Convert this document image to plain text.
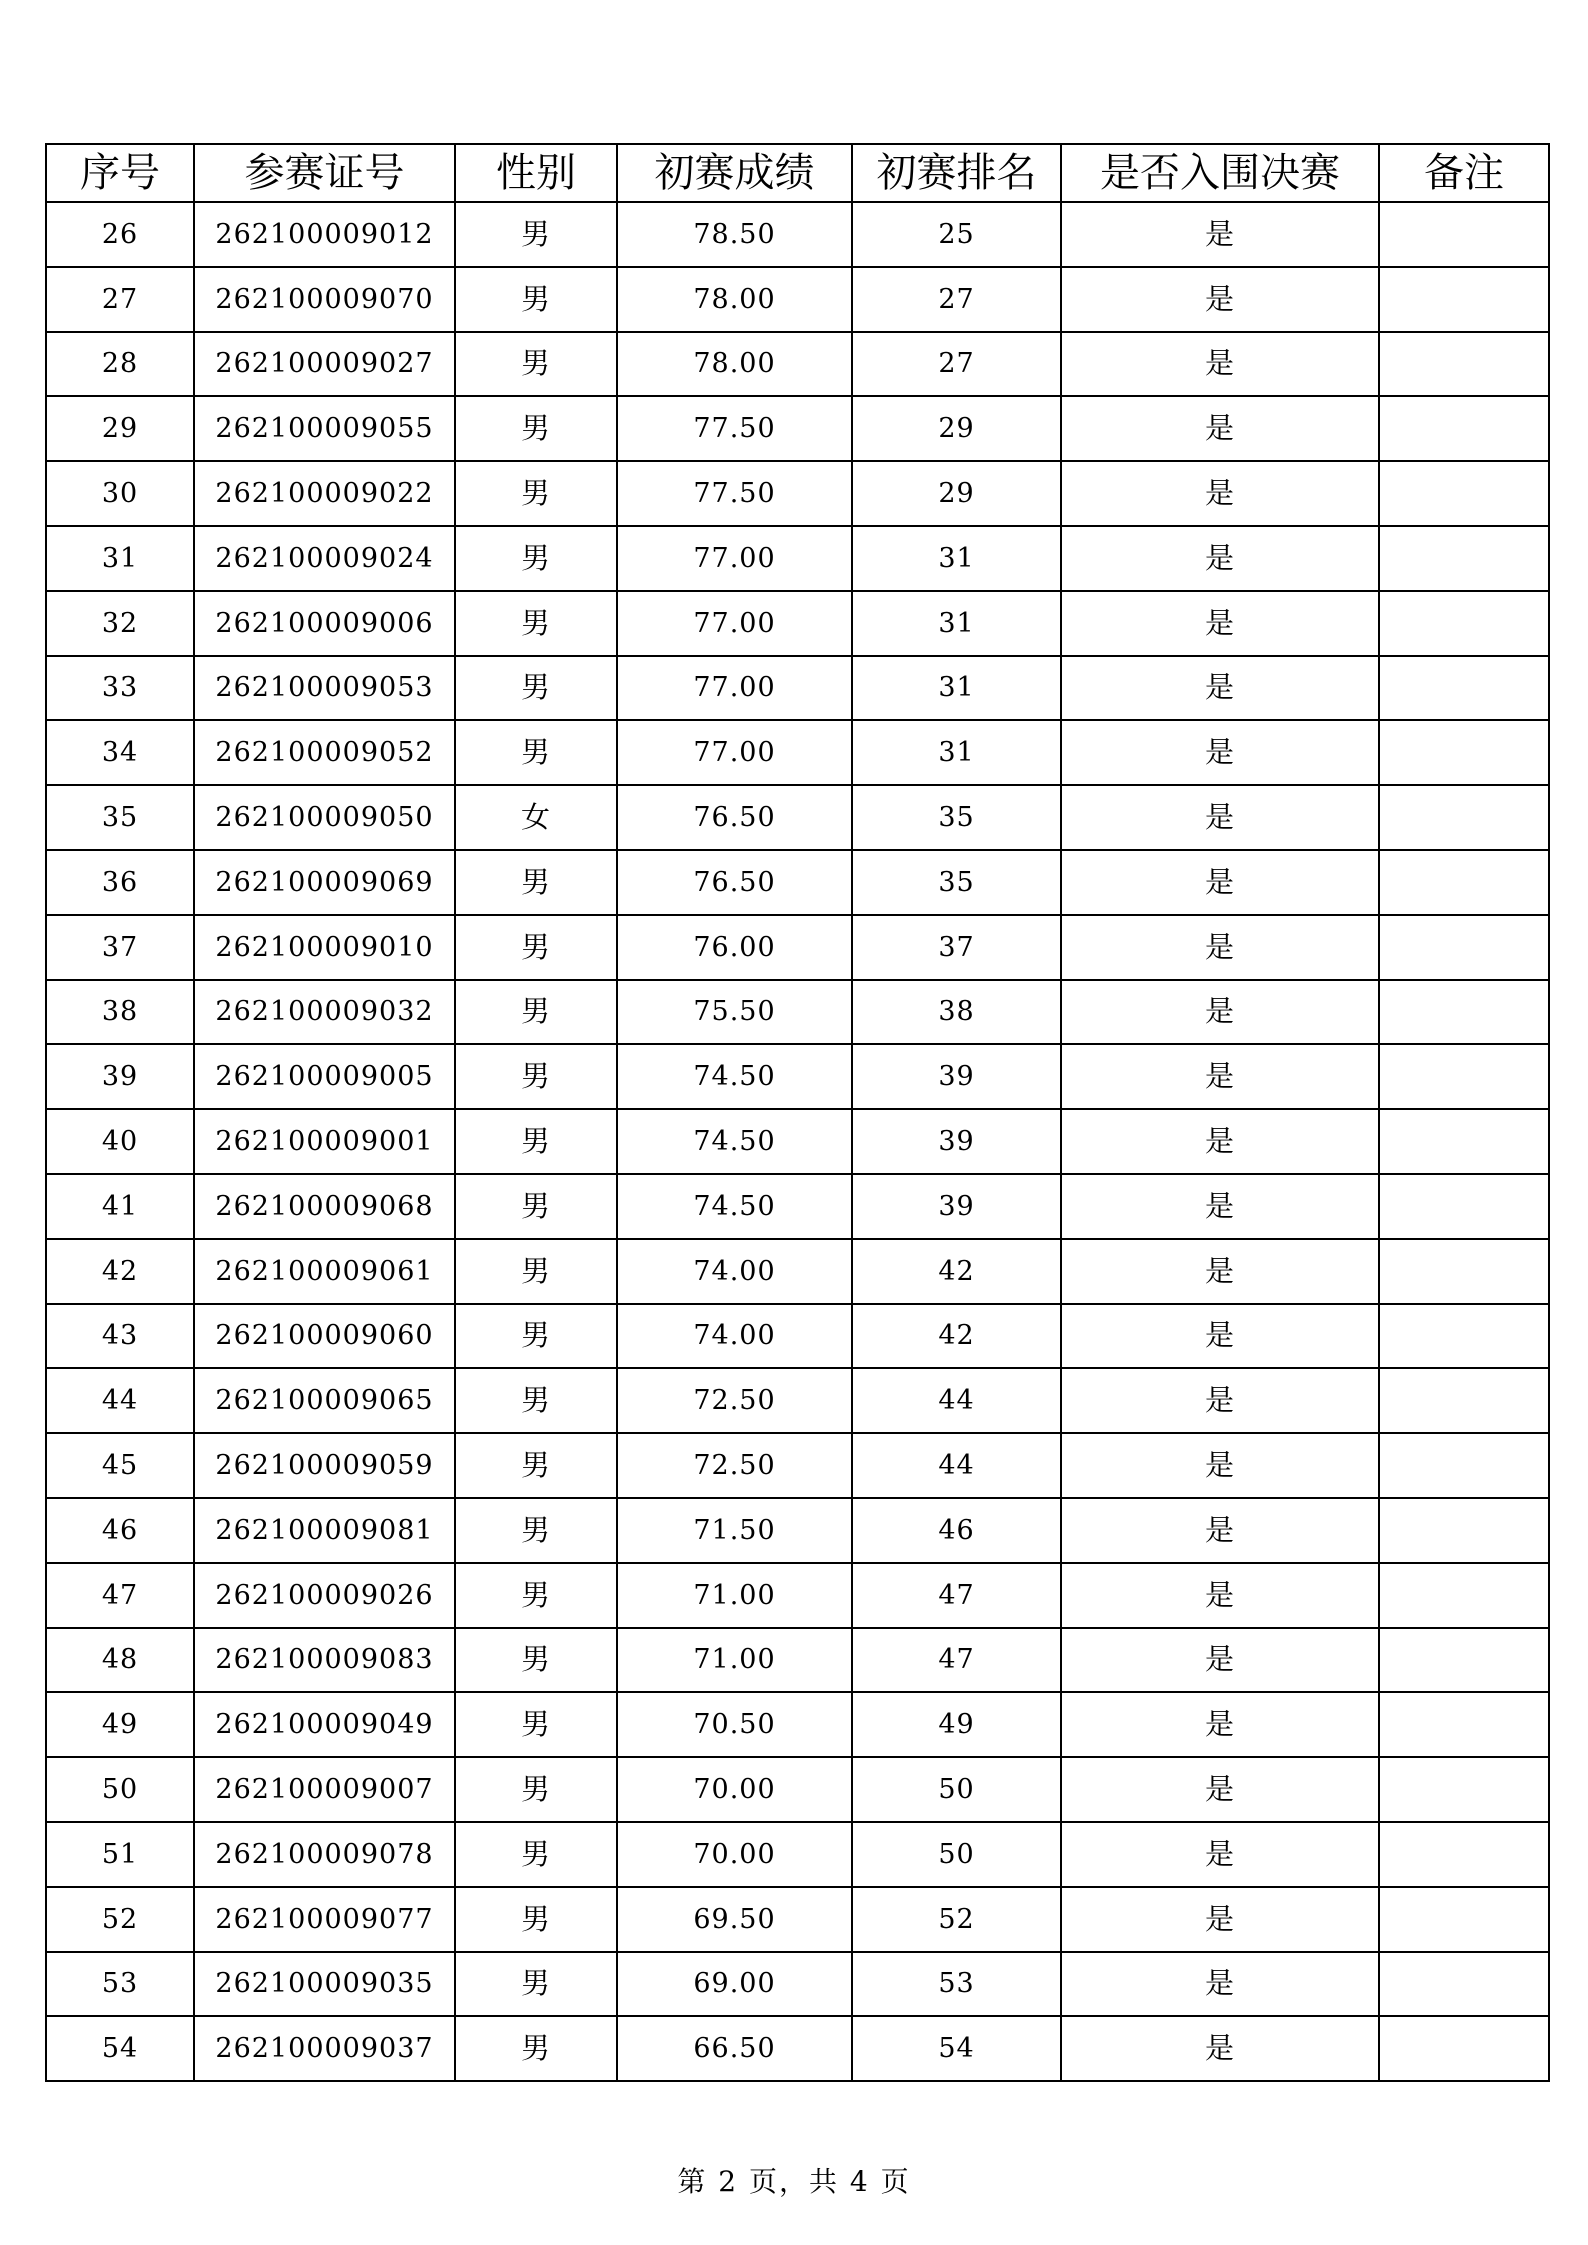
序号	参赛证号	性别	初赛成绩	初赛排名	是否入围决赛	备注
26	262100009012	男	78.50	25	是	
27	262100009070	男	78.00	27	是	
28	262100009027	男	78.00	27	是	
29	262100009055	男	77.50	29	是	
30	262100009022	男	77.50	29	是	
31	262100009024	男	77.00	31	是	
32	262100009006	男	77.00	31	是	
33	262100009053	男	77.00	31	是	
34	262100009052	男	77.00	31	是	
35	262100009050	女	76.50	35	是	
36	262100009069	男	76.50	35	是	
37	262100009010	男	76.00	37	是	
38	262100009032	男	75.50	38	是	
39	262100009005	男	74.50	39	是	
40	262100009001	男	74.50	39	是	
41	262100009068	男	74.50	39	是	
42	262100009061	男	74.00	42	是	
43	262100009060	男	74.00	42	是	
44	262100009065	男	72.50	44	是	
45	262100009059	男	72.50	44	是	
46	262100009081	男	71.50	46	是	
47	262100009026	男	71.00	47	是	
48	262100009083	男	71.00	47	是	
49	262100009049	男	70.50	49	是	
50	262100009007	男	70.00	50	是	
51	262100009078	男	70.00	50	是	
52	262100009077	男	69.50	52	是	
53	262100009035	男	69.00	53	是	
54	262100009037	男	66.50	54	是	
第 2 页，共 4 页
